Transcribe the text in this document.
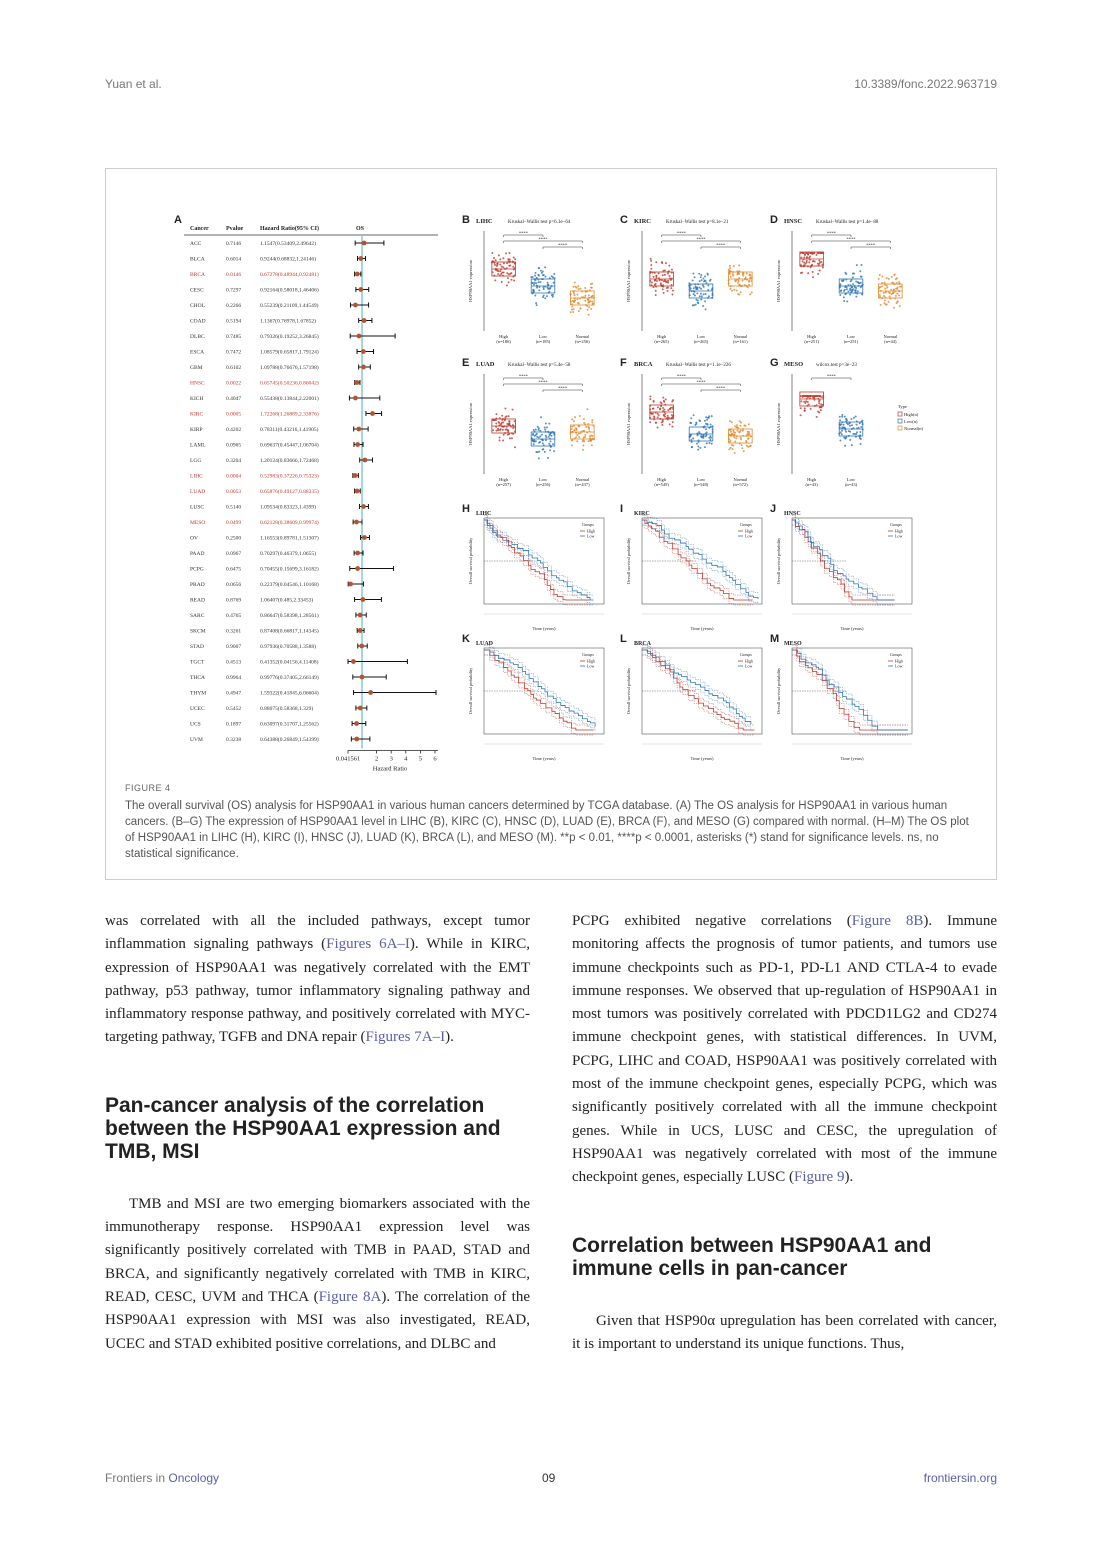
Yuan et al.	10.3389/fonc.2022.963719
A
Cancer	Pvalue	Hazard Ratio(95% CI)	OS
ACC	0.7146	1.1547(0.53409,2.49642)
BLCA	0.6014	0.9244(0.68832,1.24146)
BRCA	0.0146	0.67278(0.48944,0.92481)
CESC	0.7297	0.92164(0.58018,1.46406)
CHOL	0.2266	0.55239(0.21109,1.44549)
COAD	0.5194	1.1367(0.76978,1.67852)
DLBC	0.7485	0.79326(0.19252,3.26845)
ESCA	0.7472	1.08579(0.65817,1.79124)
GBM	0.6102	1.09788(0.76676,1.57198)
HNSC	0.0022	0.65745(0.50236,0.86042)
KICH	0.4047	0.55438(0.13844,2.22001)
KIRC	0.0005	1.72268(1.26889,2.33876)
KIRP	0.4202	0.78311(0.43216,1.41905)
LAML	0.0965	0.69637(0.45447,1.06704)
LGG	0.3204	1.20124(0.83666,1.72468)
LIHC	0.0004	0.52983(0.37226,0.75323)
LUAD	0.0053	0.65876(0.49127,0.88335)
LUSC	0.5140	1.09534(0.83323,1.4399)
MESO	0.0499	0.62128(0.38609,0.99974)
OV	0.2500	1.16553(0.89781,1.51307)
PAAD	0.0967	0.70297(0.46379,1.0655)
PCPG	0.6475	0.70455(0.15699,3.16182)
PRAD	0.0656	0.22379(0.04546,1.10168)
READ	0.8769	1.06407(0.485,2.33453)
SARC	0.4765	0.86647(0.58398,1.28561)
SKCM	0.3261	0.87408(0.66817,1.14345)
STAD	0.9007	0.97936(0.70588,1.3588)
TGCT	0.4513	0.41352(0.04156,4.11408)
THCA	0.9964	0.99776(0.37405,2.66149)
THYM	0.4947	1.59322(0.41845,6.06604)
UCEC	0.5452	0.88075(0.58368,1.329)
UCS	0.1897	0.63097(0.31707,1.25562)
UVM	0.3238	0.64388(0.26849,1.54399)
0.041561 2 3 4 5 6
Hazard Ratio
FIGURE 4
The overall survival (OS) analysis for HSP90AA1 in various human cancers determined by TCGA database. (A) The OS analysis for HSP90AA1 in various human cancers. (B–G) The expression of HSP90AA1 level in LIHC (B), KIRC (C), HNSC (D), LUAD (E), BRCA (F), and MESO (G) compared with normal. (H–M) The OS plot of HSP90AA1 in LIHC (H), KIRC (I), HNSC (J), LUAD (K), BRCA (L), and MESO (M). **p < 0.01, ****p < 0.0001, asterisks (*) stand for significance levels. ns, no statistical significance.

was correlated with all the included pathways, except tumor inflammation signaling pathways (Figures 6A–I). While in KIRC, expression of HSP90AA1 was negatively correlated with the EMT pathway, p53 pathway, tumor inflammatory signaling pathway and inflammatory response pathway, and positively correlated with MYC-targeting pathway, TGFB and DNA repair (Figures 7A–I).

Pan-cancer analysis of the correlation between the HSP90AA1 expression and TMB, MSI

TMB and MSI are two emerging biomarkers associated with the immunotherapy response. HSP90AA1 expression level was significantly positively correlated with TMB in PAAD, STAD and BRCA, and significantly negatively correlated with TMB in KIRC, READ, CESC, UVM and THCA (Figure 8A). The correlation of the HSP90AA1 expression with MSI was also investigated, READ, UCEC and STAD exhibited positive correlations, and DLBC and

PCPG exhibited negative correlations (Figure 8B). Immune monitoring affects the prognosis of tumor patients, and tumors use immune checkpoints such as PD-1, PD-L1 AND CTLA-4 to evade immune responses. We observed that up-regulation of HSP90AA1 in most tumors was positively correlated with PDCD1LG2 and CD274 immune checkpoint genes, with statistical differences. In UVM, PCPG, LIHC and COAD, HSP90AA1 was positively correlated with most of the immune checkpoint genes, especially PCPG, which was significantly positively correlated with all the immune checkpoint genes. While in UCS, LUSC and CESC, the upregulation of HSP90AA1 was negatively correlated with most of the immune checkpoint genes, especially LUSC (Figure 9).

Correlation between HSP90AA1 and immune cells in pan-cancer

Given that HSP90α upregulation has been correlated with cancer, it is important to understand its unique functions. Thus,

Frontiers in Oncology	09	frontiersin.org
B LIHC	Kruskal−Wallis test p=6.1e−64
HSP90AA1 expression
****
****
****
High
(n=186)
Low
(n=185)
Normal
(n=256)
C KIRC	Kruskal−Wallis test p=8.1e−21
HSP90AA1 expression
****
****
****
High
(n=265)
Low
(n=265)
Normal
(n=161)
D HNSC	Kruskal−Wallis test p=1.4e−88
HSP90AA1 expression
****
****
****
High
(n=251)
Low
(n=251)
Normal
(n=44)
E LUAD	Kruskal−Wallis test p=5.4e−58
HSP90AA1 expression
****
****
****
High
(n=257)
Low
(n=256)
Normal
(n=437)
F BRCA	Kruskal−Wallis test p=1.1e−226
HSP90AA1 expression
****
****
****
High
(n=549)
Low
(n=548)
Normal
(n=572)
G MESO	wilcox.test p=3e−23
HSP90AA1 expression
****
High
(n=43)
Low
(n=43)
Type
High(n)
Low(n)
Normal(n)
H LIHC
Overall survival probability
Time (years)
Groups
High
Low
I KIRC
Overall survival probability
Time (years)
Groups
High
Low
J HNSC
Overall survival probability
Time (years)
Groups
High
Low
K LUAD
Overall survival probability
Time (years)
Groups
High
Low
L BRCA
Overall survival probability
Time (years)
Groups
High
Low
M MESO
Overall survival probability
Time (years)
Groups
High
Low
